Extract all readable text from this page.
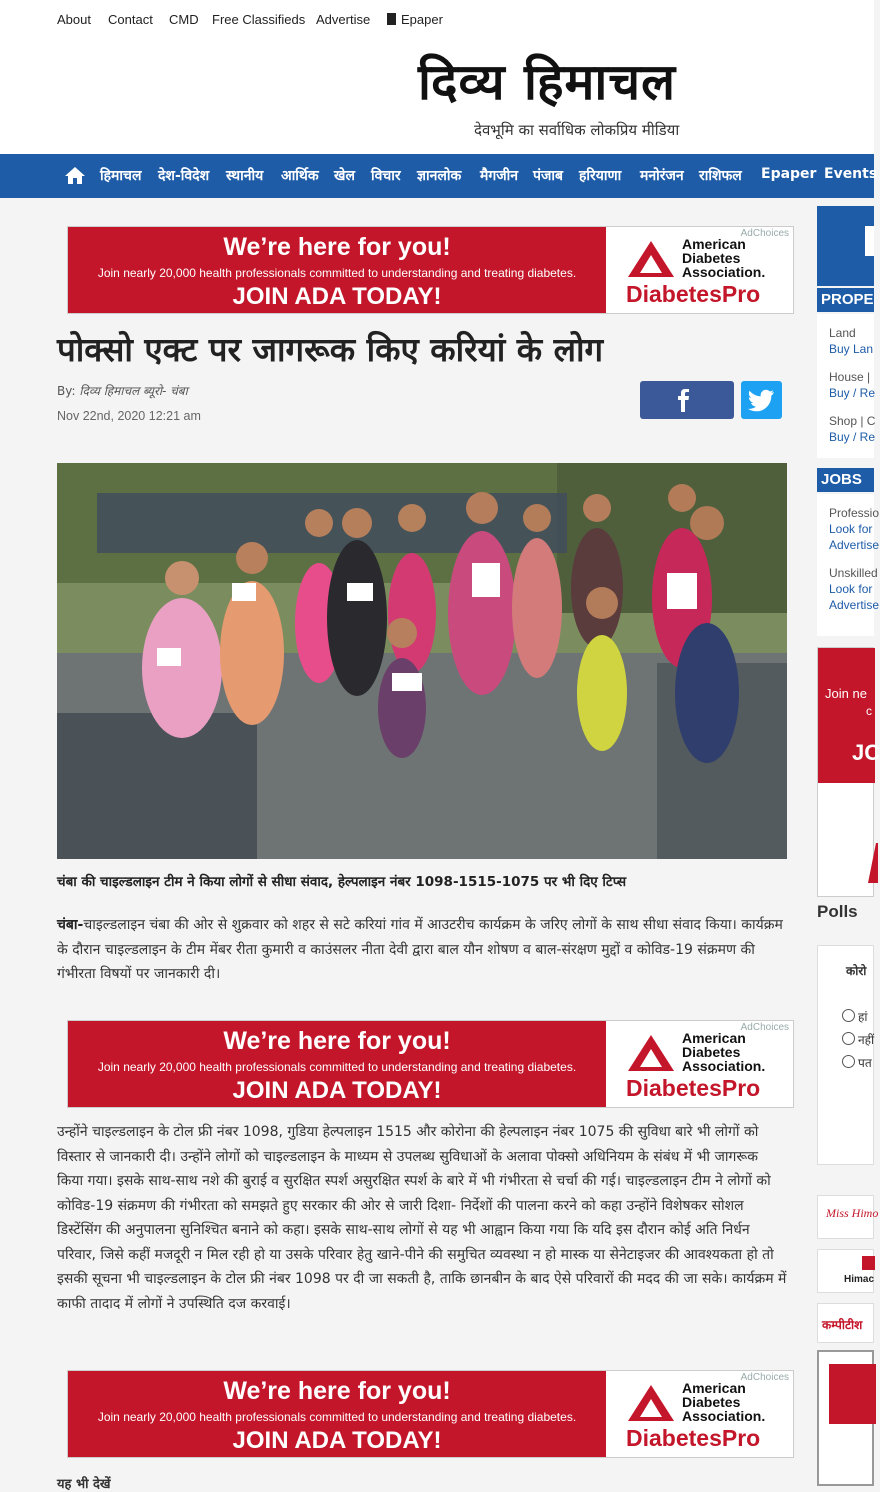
About Contact CMD Free Classifieds Advertise	Epaper
दिव्य हिमाचल
देवभूमि का सर्वाधिक लोकप्रिय मीडिया
हिमाचल देश-विदेश स्थानीय आर्थिक खेल विचार ज्ञानलोक मैगजीन पंजाब हरियाणा मनोरंजन राशिफल Epaper Events
We’re here for you!
Join nearly 20,000 health professionals committed to understanding and treating diabetes.
JOIN ADA TODAY!
AdChoices
American
Diabetes
Association.
DiabetesPro
पोक्सो एक्ट पर जागरूक किए करियां के लोग
By: दिव्य हिमाचल ब्यूरो- चंबा
Nov 22nd, 2020 12:21 am
चंबा की चाइल्डलाइन टीम ने किया लोगों से सीधा संवाद, हेल्पलाइन नंबर 1098-1515-1075 पर भी दिए टिप्स

चंबा-चाइल्डलाइन चंबा की ओर से शुक्रवार को शहर से सटे करियां गांव में आउटरीच कार्यक्रम के जरिए लोगों के साथ सीधा संवाद किया। कार्यक्रम के दौरान चाइल्डलाइन के टीम मेंबर रीता कुमारी व काउंसलर नीता देवी द्वारा बाल यौन शोषण व बाल-संरक्षण मुद्दों व कोविड-19 संक्रमण की गंभीरता विषयों पर जानकारी दी।

We’re here for you!
Join nearly 20,000 health professionals committed to understanding and treating diabetes.
JOIN ADA TODAY!
AdChoices
American
Diabetes
Association.
DiabetesPro

उन्होंने चाइल्डलाइन के टोल फ्री नंबर 1098, गुडिया हेल्पलाइन 1515 और कोरोना की हेल्पलाइन नंबर 1075 की सुविधा बारे भी लोगों को विस्तार से जानकारी दी। उन्होंने लोगों को चाइल्डलाइन के माध्यम से उपलब्ध सुविधाओं के अलावा पोक्सो अधिनियम के संबंध में भी जागरूक किया गया। इसके साथ-साथ नशे की बुराई व सुरक्षित स्पर्श असुरक्षित स्पर्श के बारे में भी गंभीरता से चर्चा की गई। चाइल्डलाइन टीम ने लोगों को कोविड-19 संक्रमण की गंभीरता को समझते हुए सरकार की ओर से जारी दिशा- निर्देशों की पालना करने को कहा उन्होंने विशेषकर सोशल डिस्टेंसिंग की अनुपालना सुनिश्चित बनाने को कहा। इसके साथ-साथ लोगों से यह भी आह्वान किया गया कि यदि इस दौरान कोई अति निर्धन परिवार, जिसे कहीं मजदूरी न मिल रही हो या उसके परिवार हेतु खाने-पीने की समुचित व्यवस्था न हो मास्क या सेनेटाइजर की आवश्यकता हो तो इसकी सूचना भी चाइल्डलाइन के टोल फ्री नंबर 1098 पर दी जा सकती है, ताकि छानबीन के बाद ऐसे परिवारों की मदद की जा सके। कार्यक्रम में काफी तादाद में लोगों ने उपस्थिति दज करवाई।

We’re here for you!
Join nearly 20,000 health professionals committed to understanding and treating diabetes.
JOIN ADA TODAY!
AdChoices
American
Diabetes
Association.
DiabetesPro
यह भी देखें
PROPE
Land
Buy Lan
House |
Buy / Re
Shop | C
Buy / Re
JOBS
Professio
Look for
Advertise
Unskilled
Look for
Advertise
Join ne
c
JC
Polls
कोरो
हां
नहीं
पत
Miss Himo
Himac
कम्पीटीश
